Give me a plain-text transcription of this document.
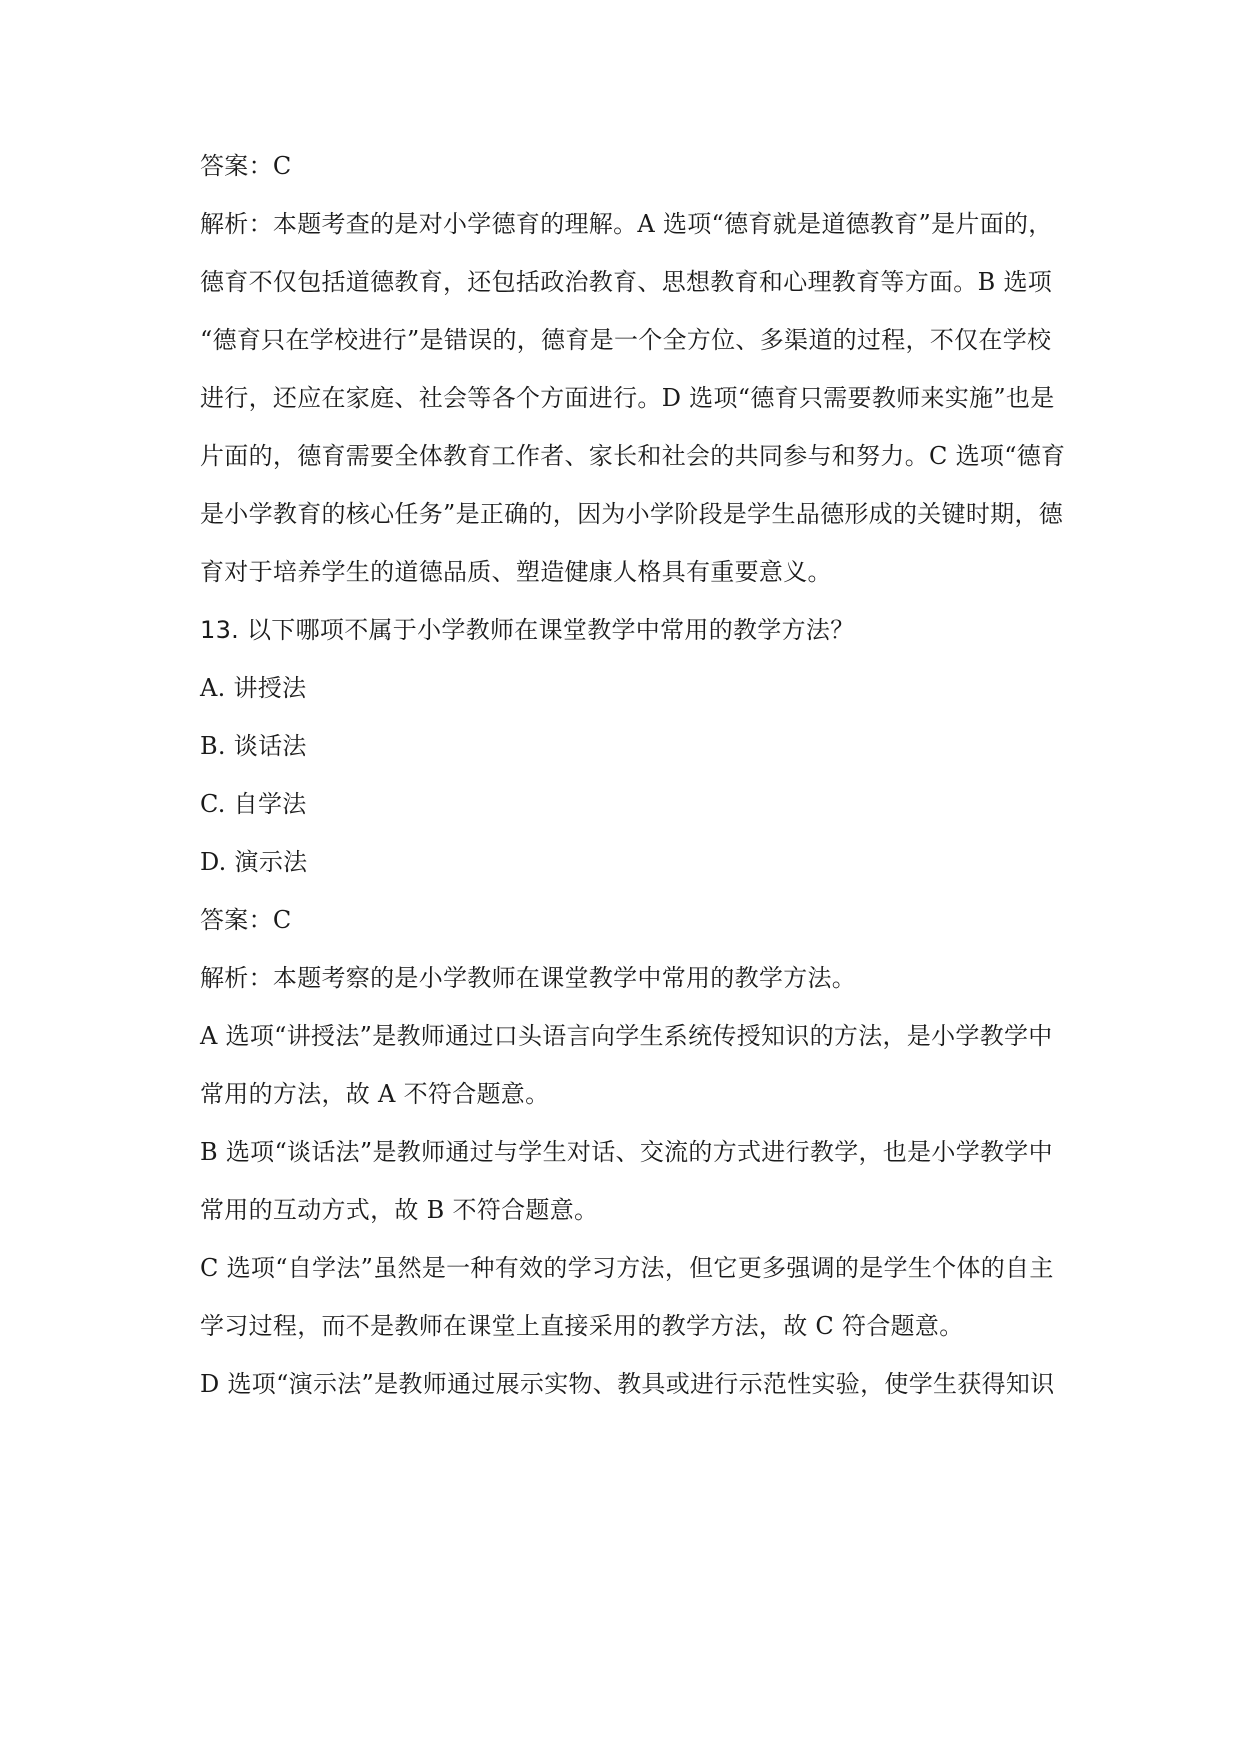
答案：C
解析：本题考查的是对小学德育的理解。A 选项“德育就是道德教育”是片面的，
德育不仅包括道德教育，还包括政治教育、思想教育和心理教育等方面。B 选项
“德育只在学校进行”是错误的，德育是一个全方位、多渠道的过程，不仅在学校
进行，还应在家庭、社会等各个方面进行。D 选项“德育只需要教师来实施”也是
片面的，德育需要全体教育工作者、家长和社会的共同参与和努力。C 选项“德育
是小学教育的核心任务”是正确的，因为小学阶段是学生品德形成的关键时期，德
育对于培养学生的道德品质、塑造健康人格具有重要意义。
13. 以下哪项不属于小学教师在课堂教学中常用的教学方法？
A. 讲授法
B. 谈话法
C. 自学法
D. 演示法
答案：C
解析：本题考察的是小学教师在课堂教学中常用的教学方法。
A 选项“讲授法”是教师通过口头语言向学生系统传授知识的方法，是小学教学中
常用的方法，故 A 不符合题意。
B 选项“谈话法”是教师通过与学生对话、交流的方式进行教学，也是小学教学中
常用的互动方式，故 B 不符合题意。
C 选项“自学法”虽然是一种有效的学习方法，但它更多强调的是学生个体的自主
学习过程，而不是教师在课堂上直接采用的教学方法，故 C 符合题意。
D 选项“演示法”是教师通过展示实物、教具或进行示范性实验，使学生获得知识
